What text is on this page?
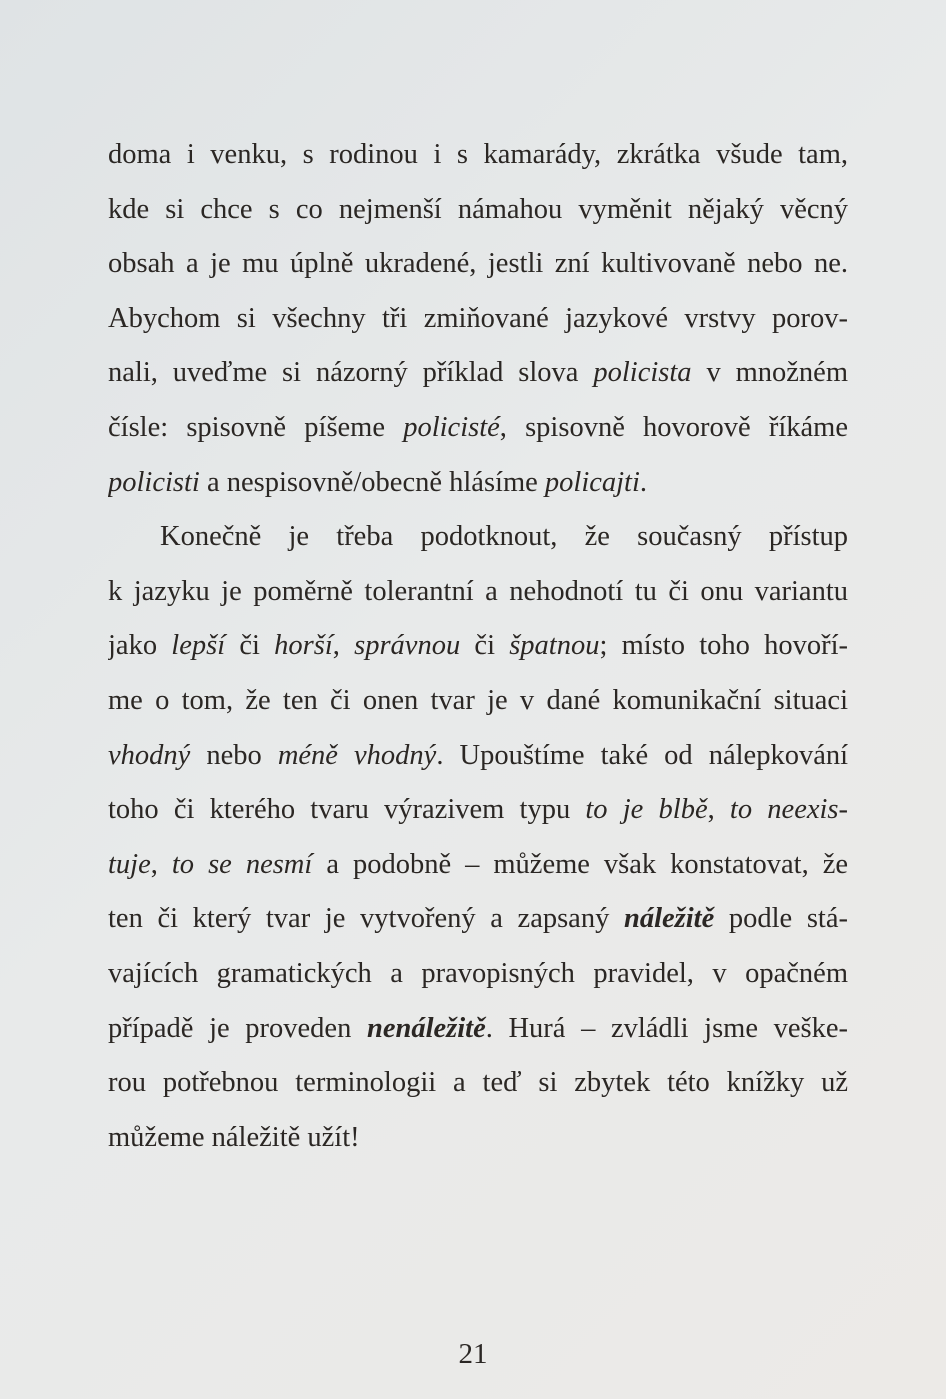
doma i venku, s rodinou i s kamarády, zkrátka všude tam,
kde si chce s co nejmenší námahou vyměnit nějaký věcný
obsah a je mu úplně ukradené, jestli zní kultivovaně nebo ne.
Abychom si všechny tři zmiňované jazykové vrstvy porov-
nali, uveďme si názorný příklad slova policista v množném
čísle: spisovně píšeme policisté, spisovně hovorově říkáme
policisti a nespisovně/obecně hlásíme policajti.
Konečně je třeba podotknout, že současný přístup
k jazyku je poměrně tolerantní a nehodnotí tu či onu variantu
jako lepší či horší, správnou či špatnou; místo toho hovoří-
me o tom, že ten či onen tvar je v dané komunikační situaci
vhodný nebo méně vhodný. Upouštíme také od nálepkování
toho či kterého tvaru výrazivem typu to je blbě, to neexis-
tuje, to se nesmí a podobně – můžeme však konstatovat, že
ten či který tvar je vytvořený a zapsaný náležitě podle stá-
vajících gramatických a pravopisných pravidel, v opačném
případě je proveden nenáležitě. Hurá – zvládli jsme veške-
rou potřebnou terminologii a teď si zbytek této knížky už
můžeme náležitě užít!
21
